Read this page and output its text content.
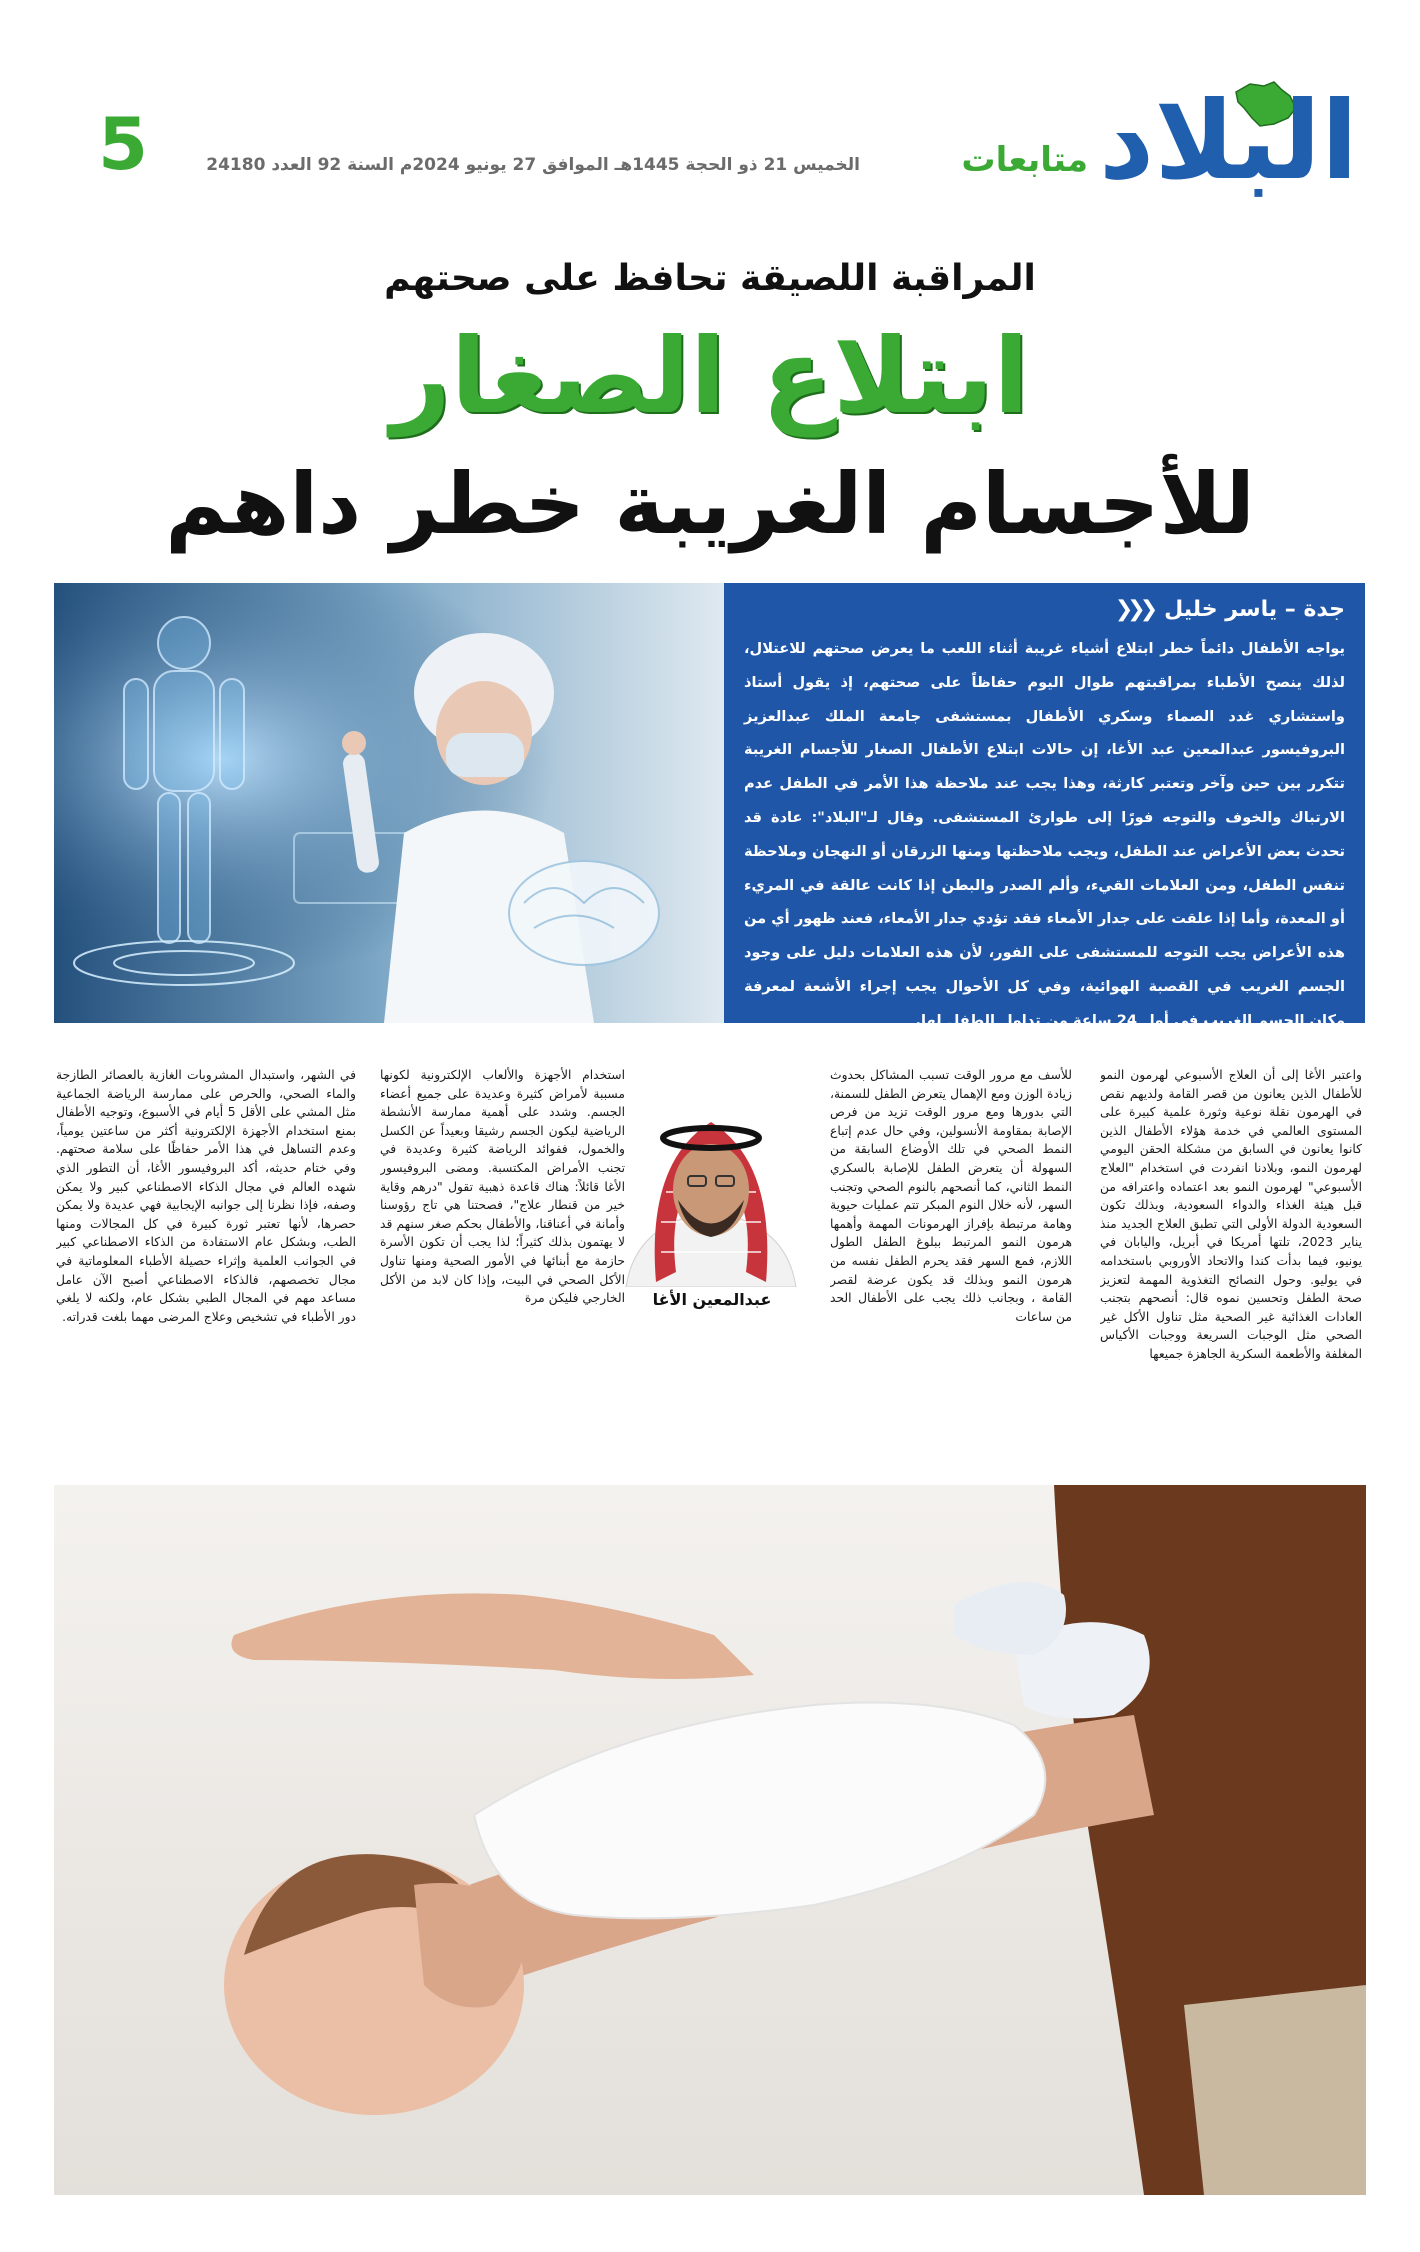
البلاد
متابعات
الخميس 21 ذو الحجة 1445هـ الموافق 27 يونيو 2024م السنة 92 العدد 24180
5
المراقبة اللصيقة تحافظ على صحتهم
ابتلاع الصغار
للأجسام الغريبة خطر داهم
جدة – ياسر خليل
❮❮❮

يواجه الأطفال دائماً خطر ابتلاع أشياء غريبة أثناء اللعب ما يعرض صحتهم للاعتلال، لذلك ينصح الأطباء بمراقبتهم طوال اليوم حفاظاً على صحتهم، إذ يقول أستاذ واستشاري غدد الصماء وسكري الأطفال بمستشفى جامعة الملك عبدالعزيز البروفيسور عبدالمعين عبد الأغا، إن حالات ابتلاع الأطفال الصغار للأجسام الغريبة تتكرر بين حين وآخر وتعتبر كارثة، وهذا يجب عند ملاحظة هذا الأمر في الطفل عدم الارتباك والخوف والتوجه فورًا إلى طوارئ المستشفى. وقال لـ"البلاد": عادة قد تحدث بعض الأعراض عند الطفل، ويجب ملاحظتها ومنها الزرقان أو النهجان وملاحظة تنفس الطفل، ومن العلامات القيء، وألم الصدر والبطن إذا كانت عالقة في المريء أو المعدة، وأما إذا علقت على جدار الأمعاء فقد تؤدي جدار الأمعاء، فعند ظهور أي من هذه الأعراض يجب التوجه للمستشفى على الفور، لأن هذه العلامات دليل على وجود الجسم الغريب في القصبة الهوائية، وفي كل الأحوال يجب إجراء الأشعة لمعرفة مكان الجسم الغريب في أول 24 ساعة من تداول الطفل لها.

واعتبر الأغا إلى أن العلاج الأسبوعي لهرمون النمو للأطفال الذين يعانون من قصر القامة ولديهم نقص في الهرمون نقلة نوعية وثورة علمية كبيرة على المستوى العالمي في خدمة هؤلاء الأطفال الذين كانوا يعانون في السابق من مشكلة الحقن اليومي لهرمون النمو، وبلادنا انفردت في استخدام "العلاج الأسبوعي" لهرمون النمو بعد اعتماده واعترافه من قبل هيئة الغذاء والدواء السعودية، وبذلك تكون السعودية الدولة الأولى التي تطبق العلاج الجديد منذ يناير 2023، تلتها أمريكا في أبريل، واليابان في يونيو، فيما بدأت كندا والاتحاد الأوروبي باستخدامه في يوليو. وحول النصائح التغذوية المهمة لتعزيز صحة الطفل وتحسين نموه قال: أنصحهم بتجنب العادات الغذائية غير الصحية مثل تناول الأكل غير الصحي مثل الوجبات السريعة ووجبات الأكياس المغلفة والأطعمة السكرية الجاهزة جميعها

للأسف مع مرور الوقت تسبب المشاكل بحدوث زيادة الوزن ومع الإهمال يتعرض الطفل للسمنة، التي بدورها ومع مرور الوقت تزيد من فرص الإصابة بمقاومة الأنسولين، وفي حال عدم إتباع النمط الصحي في تلك الأوضاع السابقة من السهولة أن يتعرض الطفل للإصابة بالسكري النمط الثاني، كما أنصحهم بالنوم الصحي وتجنب السهر، لأنه خلال النوم المبكر تتم عمليات حيوية وهامة مرتبطة بإفراز الهرمونات المهمة وأهمها هرمون النمو المرتبط ببلوغ الطفل الطول اللازم، فمع السهر فقد يحرم الطفل نفسه من هرمون النمو وبذلك قد يكون عرضة لقصر القامة ، وبجانب ذلك يجب على الأطفال الحد من ساعات

عبدالمعين الأغا

استخدام الأجهزة والألعاب الإلكترونية لكونها مسببة لأمراض كثيرة وعديدة على جميع أعضاء الجسم. وشدد على أهمية ممارسة الأنشطة الرياضية ليكون الجسم رشيقا وبعيداً عن الكسل والخمول، ففوائد الرياضة كثيرة وعديدة في تجنب الأمراض المكتسبة. ومضى البروفيسور الأغا قائلاً: هناك قاعدة ذهبية تقول "درهم وقاية خير من قنطار علاج"، فصحتنا هي تاج رؤوسنا وأمانة في أعناقنا، والأطفال بحكم صغر سنهم قد لا يهتمون بذلك كثيراً؛ لذا يجب أن تكون الأسرة حازمة مع أبنائها في الأمور الصحية ومنها تناول الأكل الصحي في البيت، وإذا كان لابد من الأكل الخارجي فليكن مرة

في الشهر، واستبدال المشروبات الغازية بالعصائر الطازجة والماء الصحي، والحرص على ممارسة الرياضة الجماعية مثل المشي على الأقل 5 أيام في الأسبوع، وتوجيه الأطفال بمنع استخدام الأجهزة الإلكترونية أكثر من ساعتين يومياً، وعدم التساهل في هذا الأمر حفاظًا على سلامة صحتهم. وفي ختام حديثه، أكد البروفيسور الأغا، أن التطور الذي شهده العالم في مجال الذكاء الاصطناعي كبير ولا يمكن وصفه، فإذا نظرنا إلى جوانبه الإيجابية فهي عديدة ولا يمكن حصرها، لأنها تعتبر ثورة كبيرة في كل المجالات ومنها الطب، وبشكل عام الاستفادة من الذكاء الاصطناعي كبير في الجوانب العلمية وإثراء حصيلة الأطباء المعلوماتية في مجال تخصصهم، فالذكاء الاصطناعي أصبح الآن عامل مساعد مهم في المجال الطبي بشكل عام، ولكنه لا يلغي دور الأطباء في تشخيص وعلاج المرضى مهما بلغت قدراته.
